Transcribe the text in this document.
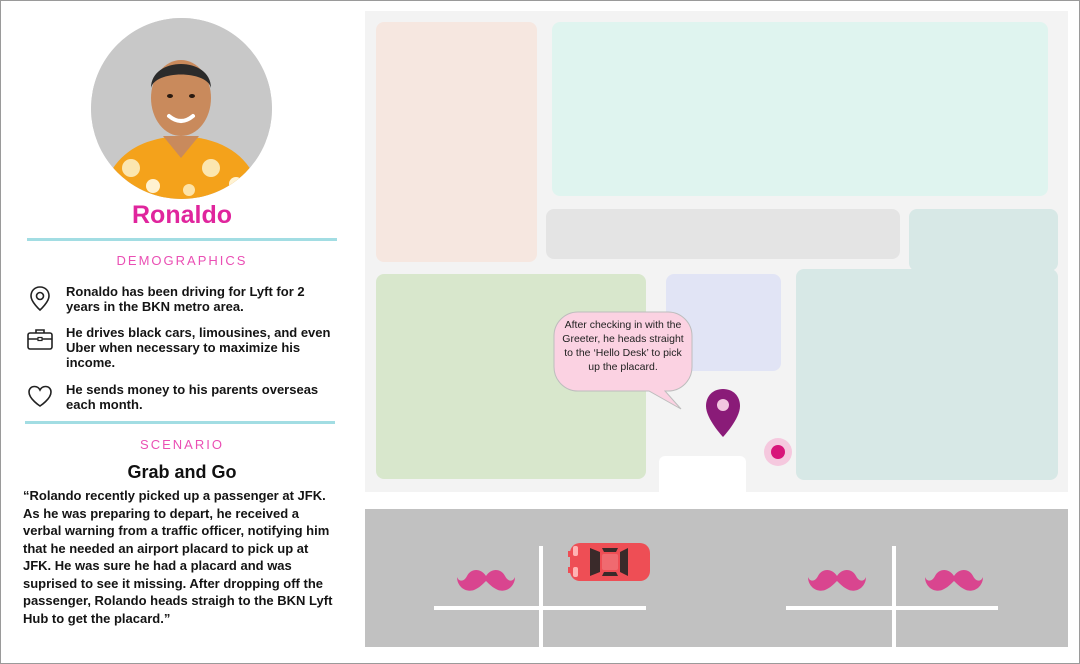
Ronaldo
DEMOGRAPHICS
Ronaldo has been driving for Lyft for 2 years in the BKN metro area.
He drives black cars, limousines, and even Uber when necessary to maximize his income.
He sends money to his parents overseas each month.
SCENARIO
Grab and Go
“Rolando recently picked up a passenger at JFK. As he was preparing to depart, he received a verbal warning from a traffic officer, notifying him that he needed an airport placard to pick up at JFK. He was sure he had a placard and was suprised to see it missing. After dropping off the passenger, Rolando heads straigh to the BKN Lyft Hub to get the placard.”
After checking in with the Greeter, he heads straight to the ‘Hello Desk’ to pick up the placard.
